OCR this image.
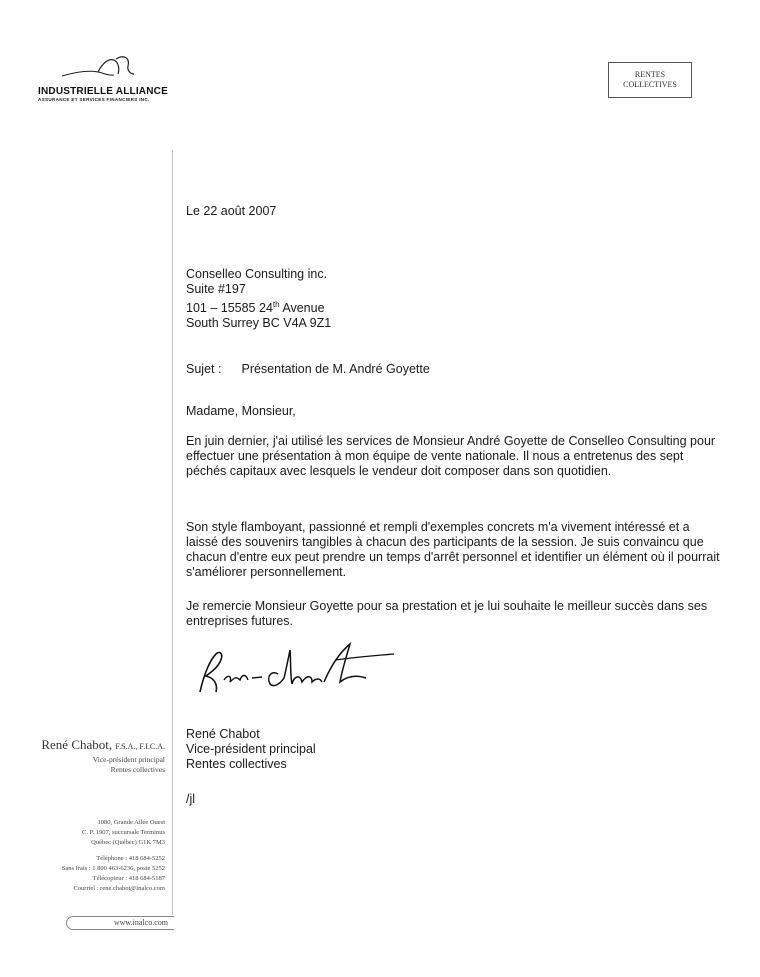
INDUSTRIELLE ALLIANCE
ASSURANCE ET SERVICES FINANCIERS INC.
RENTES
COLLECTIVES
Le 22 août 2007

Conselleo Consulting inc.

Suite #197

101 – 15585 24th Avenue

South Surrey BC V4A 9Z1

Sujet : Présentation de M. André Goyette
Madame, Monsieur,
En juin dernier, j'ai utilisé les services de Monsieur André Goyette de Conselleo Consulting pour effectuer une présentation à mon équipe de vente nationale. Il nous a entretenus des sept péchés capitaux avec lesquels le vendeur doit composer dans son quotidien.
Son style flamboyant, passionné et rempli d'exemples concrets m'a vivement intéressé et a laissé des souvenirs tangibles à chacun des participants de la session. Je suis convaincu que chacun d'entre eux peut prendre un temps d'arrêt personnel et identifier un élément où il pourrait s'améliorer personnellement.
Je remercie Monsieur Goyette pour sa prestation et je lui souhaite le meilleur succès dans ses entreprises futures.

René Chabot

Vice-président principal

Rentes collectives

/jl
René Chabot, F.S.A., F.I.C.A.
Vice-président principal
Rentes collectives
1080, Grande Allée Ouest
C. P. 1907, succursale Terminus
Québec (Québec) G1K 7M3
Téléphone : 418 684-5252
Sans frais : 1 800 463-6236, poste 5252
Télécopieur : 418 684-5187
Courriel : rene.chabot@inalco.com
www.inalco.com
